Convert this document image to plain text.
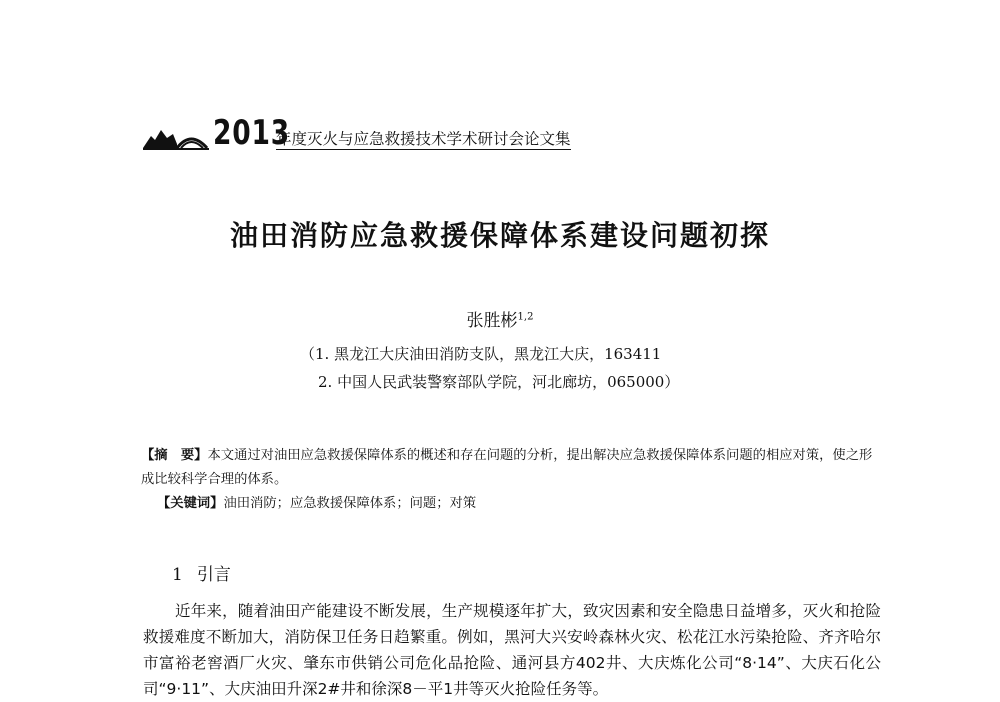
2013
年度灭火与应急救援技术学术研讨会论文集
油田消防应急救援保障体系建设问题初探
张胜彬$^{1,2}$
（1. 黑龙江大庆油田消防支队，黑龙江大庆，163411
2. 中国人民武装警察部队学院，河北廊坊，065000）

【摘　要】本文通过对油田应急救援保障体系的概述和存在问题的分析，提出解决应急救援保障体系问题的相应对策，使之形成比较科学合理的体系。

【关键词】油田消防；应急救援保障体系；问题；对策

1 引言

近年来，随着油田产能建设不断发展，生产规模逐年扩大，致灾因素和安全隐患日益增多，灭火和抢险救援难度不断加大，消防保卫任务日趋繁重。例如，黑河大兴安岭森林火灾、松花江水污染抢险、齐齐哈尔市富裕老窖酒厂火灾、肇东市供销公司危化品抢险、通河县方402井、大庆炼化公司“8·14”、大庆石化公司“9·11”、大庆油田升深2#井和徐深8－平1井等灭火抢险任务等。
